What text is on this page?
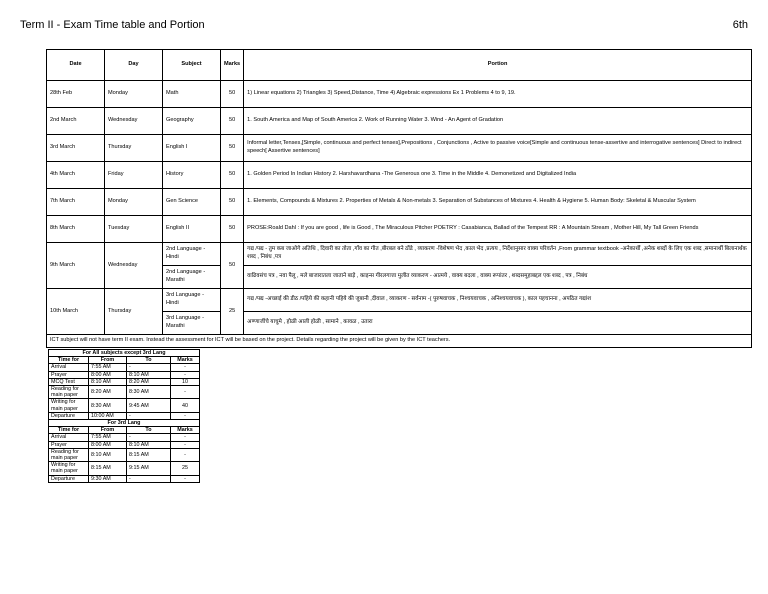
Term II - Exam Time table and Portion	6th
Date	Day	Subject	Marks	Portion
28th Feb	Monday	Math	50	1) Linear equations 2) Triangles 3) Speed,Distance, Time 4) Algebraic expressions Ex 1 Problems 4 to 9, 19.
2nd March	Wednesday	Geography	50	1. South America and Map of South America 2. Work of Running Water 3. Wind - An Agent of Gradation
3rd March	Thursday	English I	50	Informal letter,Tenses,[Simple, continuous and perfect tenses],Prepositions , Conjunctions , Active to passive voice[Simple and continuous tense-assertive and interrogative sentences] Direct to indirect speech[ Assertive sentences]
4th March	Friday	History	50	1. Golden Period In Indian History 2. Harshavardhana -The Generous one 3. Time in the Middle 4. Demonetized and Digitalized India
7th March	Monday	Gen Science	50	1. Elements, Compounds & Mixtures 2. Properties of Metals & Non-metals 3. Separation of Substances of Mixtures 4. Health & Hygiene 5. Human Body: Skeletal & Muscular System
8th March	Tuesday	English II	50	PROSE:Roald Dahl : If you are good , life is Good , The Miraculous Pitcher POETRY : Casabianca, Ballad of the Tempest RR : A Mountain Stream , Mother Hill, My Tall Green Friends
9th March	Wednesday	2nd Language - Hindi	50	गद्य /पद्य - तुम कब जाओगे अतिथि , दिवारी का तोता ,गाँव का गीत ,बीरबल बने ठोंडे , व्याकरण -विशेषण भेद ,काल भेद ,प्रत्यय , निर्देशानुसार वाक्य परिवर्तन ,From grammar textbook -अनेकार्थी ,अनेक शब्दों के लिए एक शब्द ,समानार्थी बिलानार्थक शब्द , निबंध ,पत्र
		2nd Language - Marathi		वाढिवसंच पत्र , नवा पैलू , मले बाजारातला जाताने बाड़े , काइन्स गीरलगात्ता मुलीत व्याकरण - आत्मये , वाक्य बदला , वाक्य रूपांतर , शब्दसमूहाबद्दल एक शब्द , पत्र , निबंध
10th March	Thursday	3rd Language - Hindi	25	गद्य /पद्य -अच्छाई की डीठ /पहिये की कहानी पहिये की जुबानी ,दीवाल , व्याकरण - सर्वनाम -( पुरुषवाचक , निश्चयवाचक , अनिश्चयवाचक ), काल पहचानना , अपठित गद्यांश
		3rd Language - Marathi		अण्णाजींचे याचुमे , होळी आली होळी , सामाने , कावळ , उतारा
ICT subject will not have term II exam. Instead the assessment for ICT will be based on the project. Details regarding the project will be given by the ICT teachers.				
For All subjects except 3rd Lang			
Time for	From	To	Marks
Arrival	7:55 AM	-	-
Prayer	8:00 AM	8:10 AM	-
MCQ Test	8:10 AM	8:20 AM	10
Reading for main paper	8:20 AM	8:30 AM	-
Writing for main paper	8:30 AM	9:45 AM	40
Departure	10:00 AM	-	-
For 3rd Lang			
Time for	From	To	Marks
Arrival	7:55 AM	-	-
Prayer	8:00 AM	8:10 AM	-
Reading for main paper	8:10 AM	8:15 AM	-
Writing for main paper	8:15 AM	9:15 AM	25
Departure	9:30 AM	-	-
